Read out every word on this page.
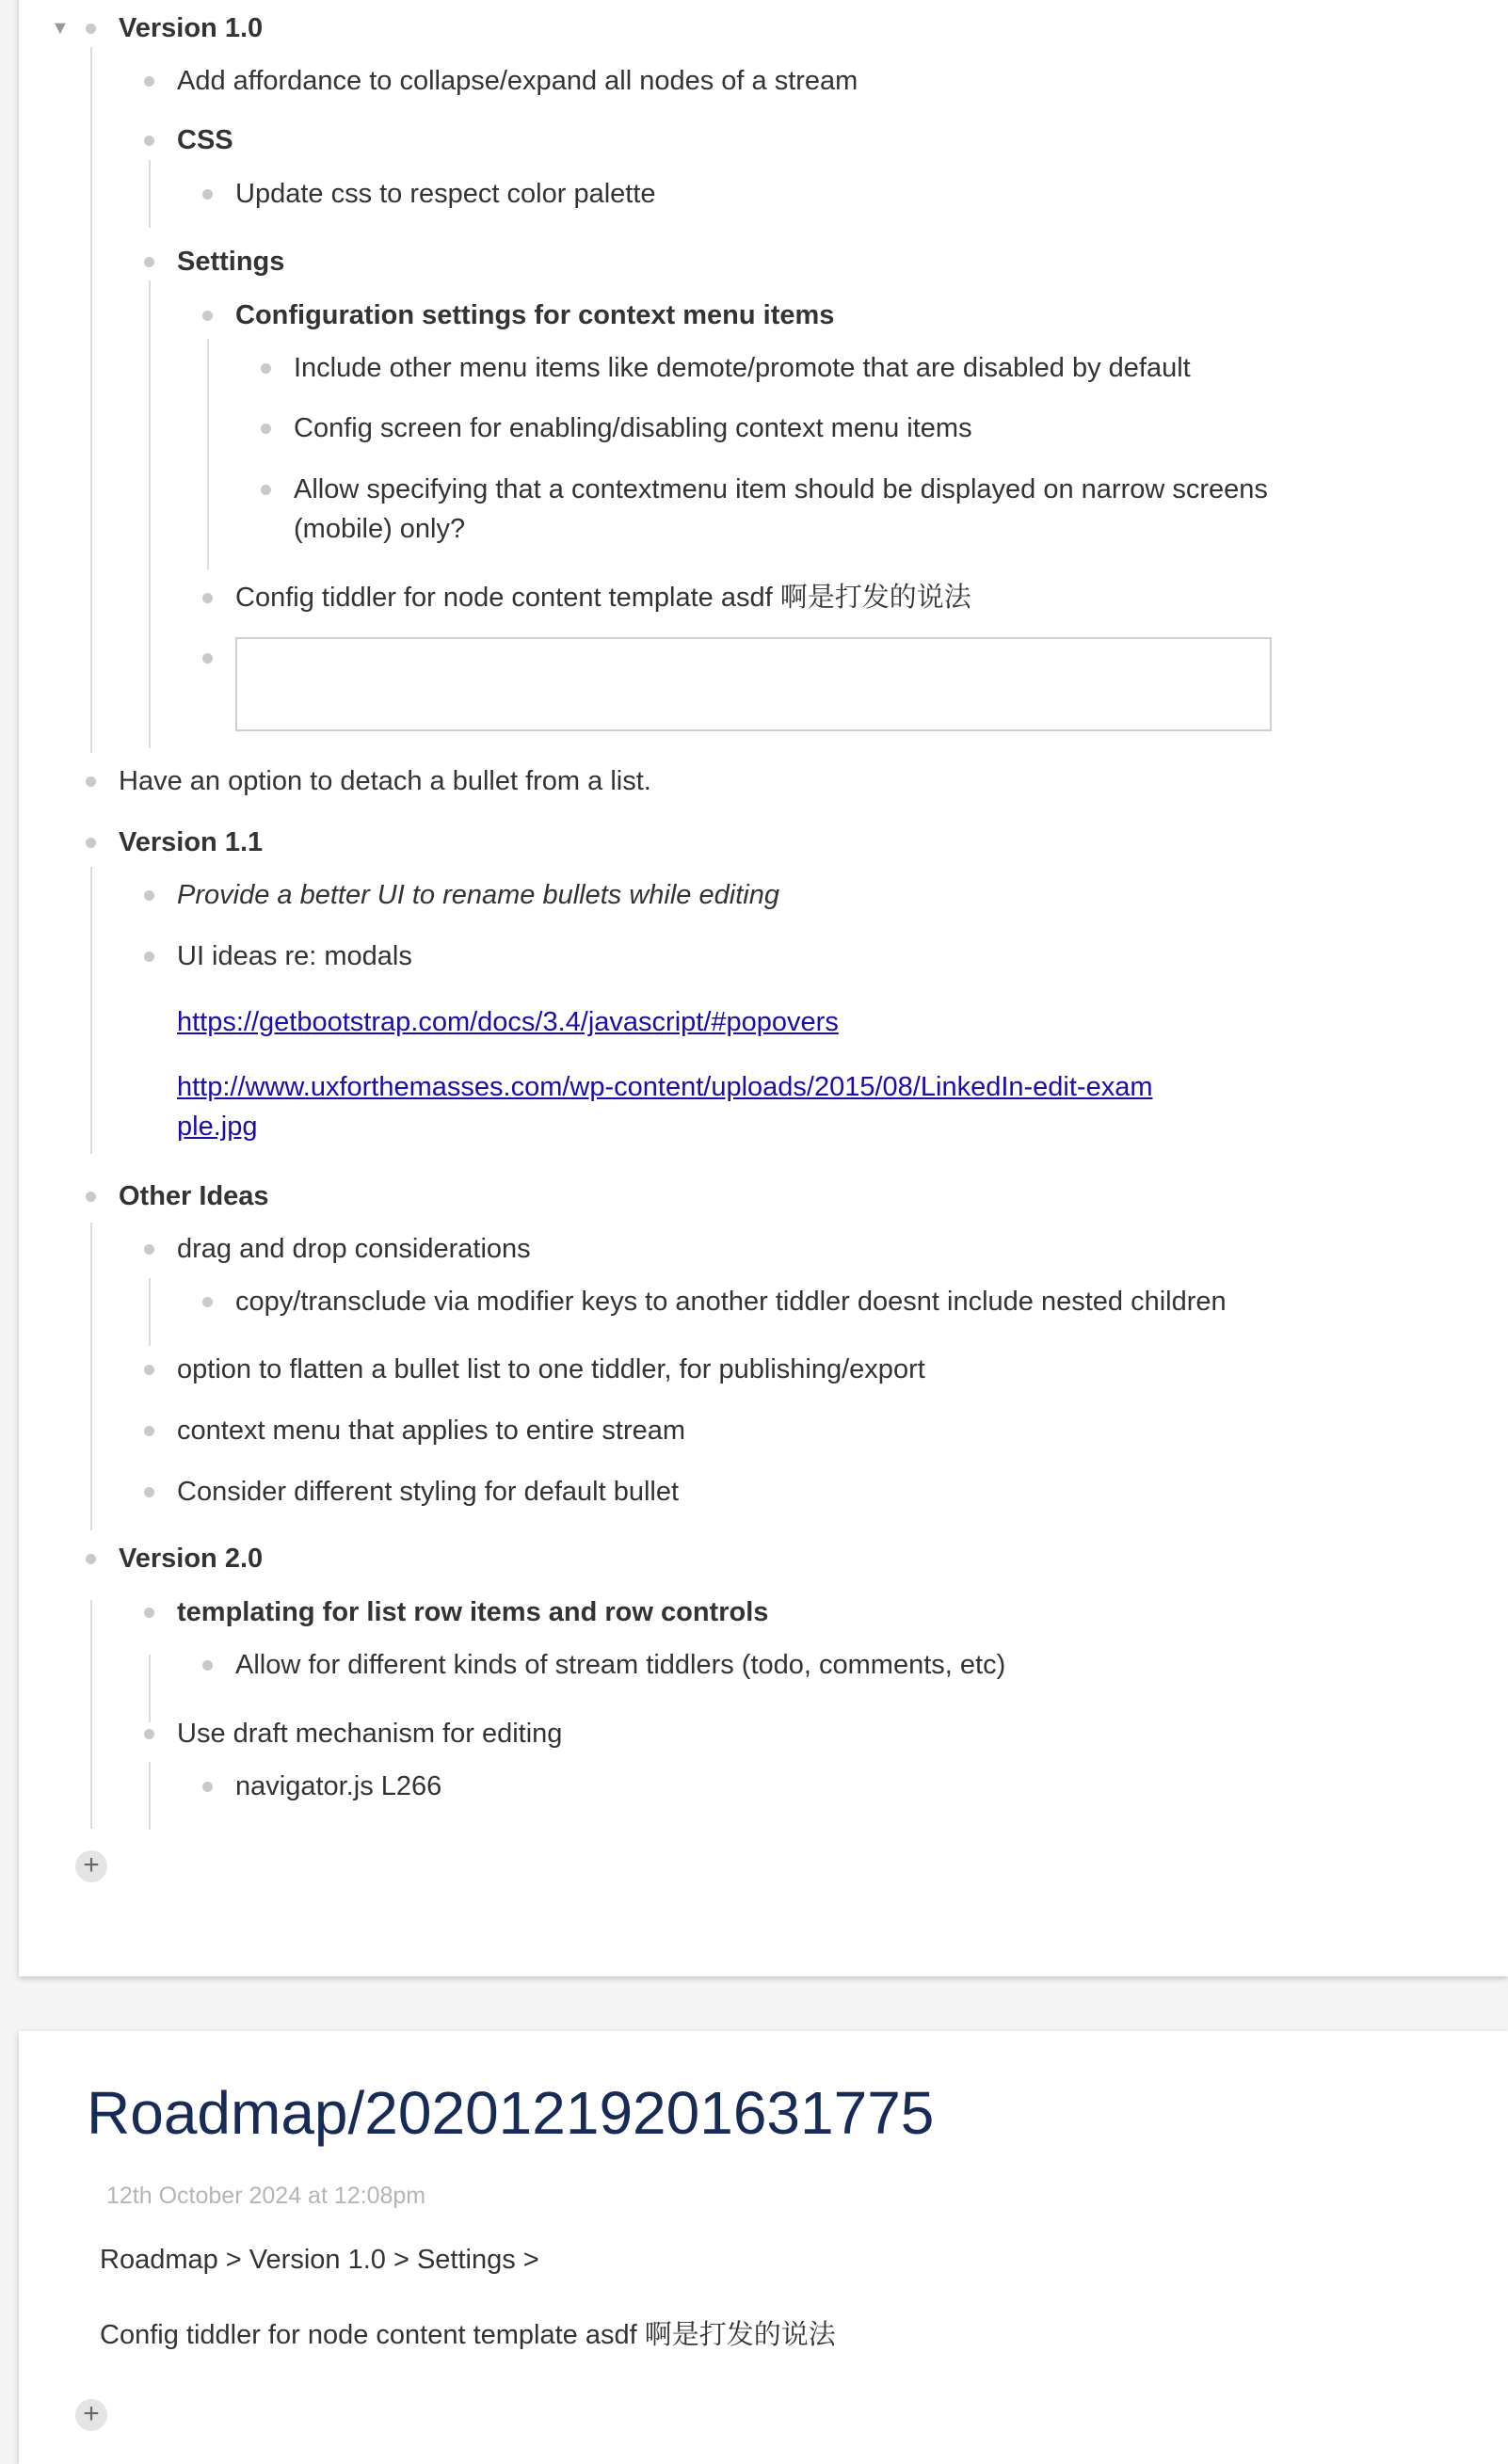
▼ Version 1.0
Add affordance to collapse/expand all nodes of a stream
CSS
Update css to respect color palette
Settings
Configuration settings for context menu items
Include other menu items like demote/promote that are disabled by default
Config screen for enabling/disabling context menu items
Allow specifying that a contextmenu item should be displayed on narrow screens (mobile) only?
Config tiddler for node content template asdf 啊是打发的说法
Have an option to detach a bullet from a list.
Version 1.1
Provide a better UI to rename bullets while editing
UI ideas re: modals
https://getbootstrap.com/docs/3.4/javascript/#popovers
http://www.uxforthemasses.com/wp-content/uploads/2015/08/LinkedIn-edit-example.jpg
Other Ideas
drag and drop considerations
copy/transclude via modifier keys to another tiddler doesnt include nested children
option to flatten a bullet list to one tiddler, for publishing/export
context menu that applies to entire stream
Consider different styling for default bullet
Version 2.0
templating for list row items and row controls
Allow for different kinds of stream tiddlers (todo, comments, etc)
Use draft mechanism for editing
navigator.js L266
+
Roadmap/20201219201631775
12th October 2024 at 12:08pm
Roadmap > Version 1.0 > Settings >
Config tiddler for node content template asdf 啊是打发的说法
+
